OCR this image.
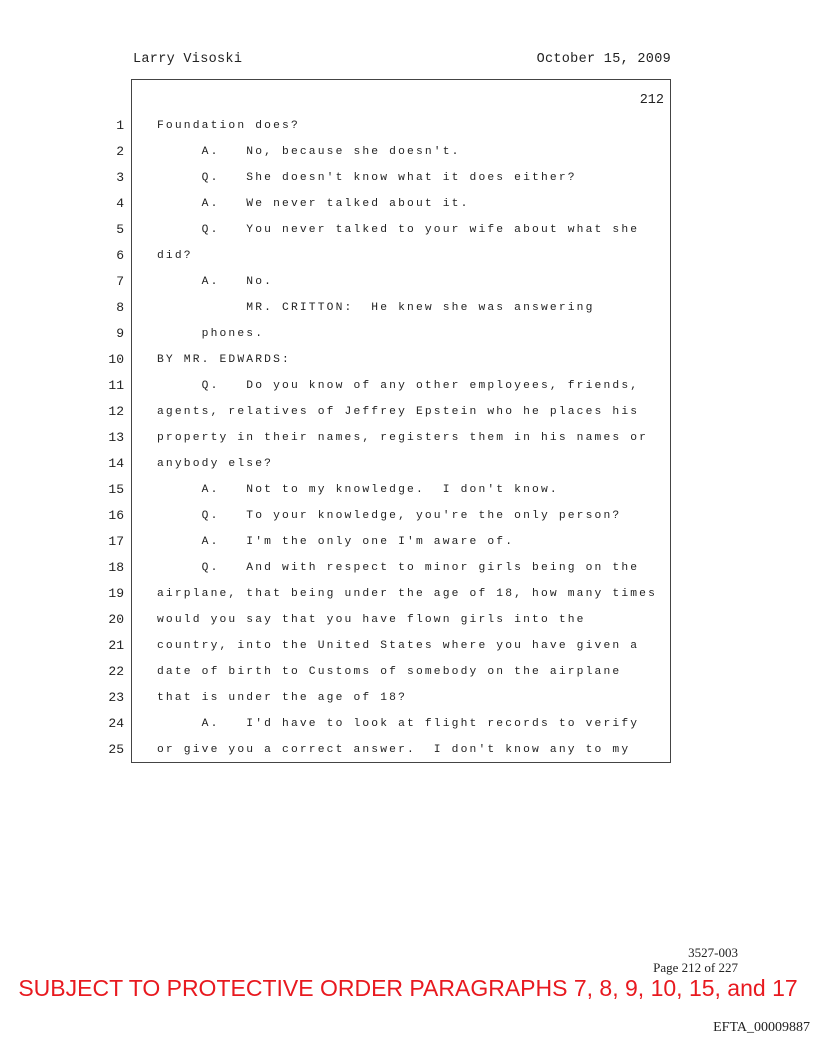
Larry Visoski	October 15, 2009
212
1
2
3
4
5
6
7
8
9
10
11
12
13
14
15
16
17
18
19
20
21
22
23
24
25
Foundation does?
A.   No, because she doesn't.
Q.   She doesn't know what it does either?
A.   We never talked about it.
Q.   You never talked to your wife about what she
did?
A.   No.
MR. CRITTON:  He knew she was answering
phones.
BY MR. EDWARDS:
Q.   Do you know of any other employees, friends,
agents, relatives of Jeffrey Epstein who he places his
property in their names, registers them in his names or
anybody else?
A.   Not to my knowledge.  I don't know.
Q.   To your knowledge, you're the only person?
A.   I'm the only one I'm aware of.
Q.   And with respect to minor girls being on the
airplane, that being under the age of 18, how many times
would you say that you have flown girls into the
country, into the United States where you have given a
date of birth to Customs of somebody on the airplane
that is under the age of 18?
A.   I'd have to look at flight records to verify
or give you a correct answer.  I don't know any to my
3527-003
Page 212 of 227
SUBJECT TO PROTECTIVE ORDER PARAGRAPHS 7, 8, 9, 10, 15, and 17
EFTA_00009887
